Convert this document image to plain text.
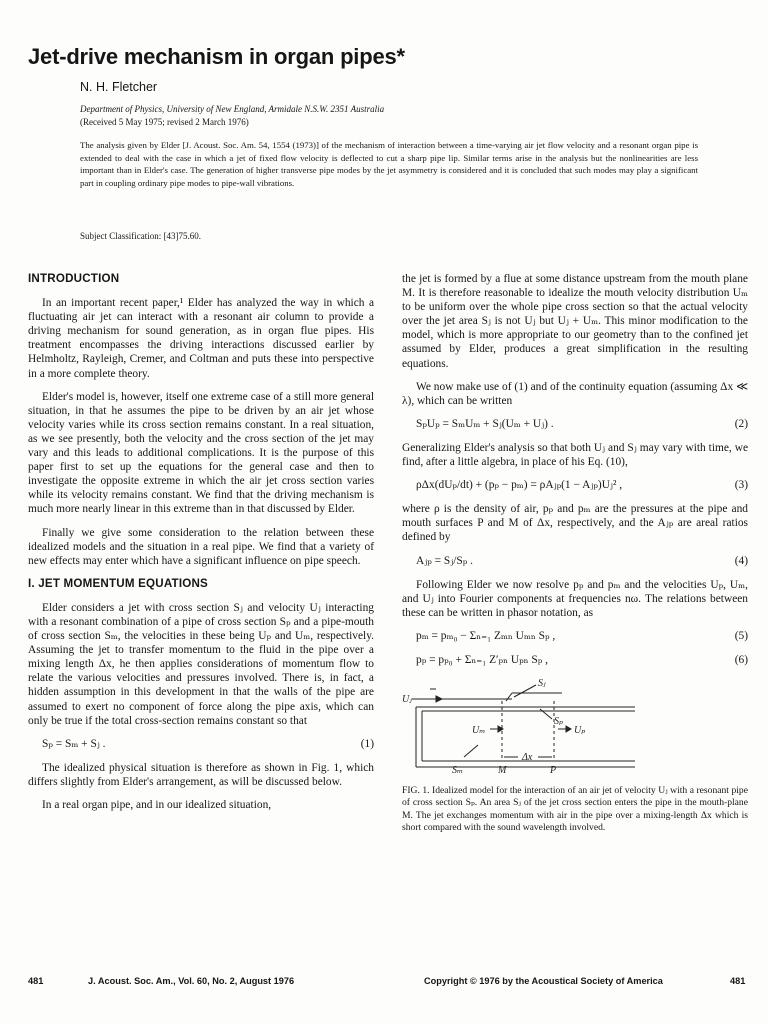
Jet-drive mechanism in organ pipes*

N. H. Fletcher

Department of Physics, University of New England, Armidale N.S.W. 2351 Australia

(Received 5 May 1975; revised 2 March 1976)

The analysis given by Elder [J. Acoust. Soc. Am. 54, 1554 (1973)] of the mechanism of interaction between a time-varying air jet flow velocity and a resonant organ pipe is extended to deal with the case in which a jet of fixed flow velocity is deflected to cut a sharp pipe lip. Similar terms arise in the analysis but the nonlinearities are less important than in Elder's case. The generation of higher transverse pipe modes by the jet asymmetry is considered and it is concluded that such modes may play a significant part in coupling ordinary pipe modes to pipe-wall vibrations.

Subject Classification: [43]75.60.

INTRODUCTION

In an important recent paper,¹ Elder has analyzed the way in which a fluctuating air jet can interact with a resonant air column to provide a driving mechanism for sound generation, as in organ flue pipes. His treatment encompasses the driving interactions discussed earlier by Helmholtz, Rayleigh, Cremer, and Coltman and puts these into perspective in a more complete theory.

Elder's model is, however, itself one extreme case of a still more general situation, in that he assumes the pipe to be driven by an air jet whose velocity varies while its cross section remains constant. In a real situation, as we see presently, both the velocity and the cross section of the jet may vary and this leads to additional complications. It is the purpose of this paper first to set up the equations for the general case and then to investigate the opposite extreme in which the air jet cross section varies while its velocity remains constant. We find that the driving mechanism is much more nearly linear in this extreme than in that discussed by Elder.

Finally we give some consideration to the relation between these idealized models and the situation in a real pipe. We find that a variety of new effects may enter which have a significant influence on pipe speech.

I. JET MOMENTUM EQUATIONS

Elder considers a jet with cross section Sⱼ and velocity Uⱼ interacting with a resonant combination of a pipe of cross section Sₚ and a pipe-mouth of cross section Sₘ, the velocities in these being Uₚ and Uₘ, respectively. Assuming the jet to transfer momentum to the fluid in the pipe over a mixing length Δx, he then applies considerations of momentum flow to relate the various velocities and pressures involved. There is, in fact, a hidden assumption in this development in that the walls of the pipe are assumed to exert no component of force along the pipe axis, which can only be true if the total cross-section remains constant so that

Sₚ = Sₘ + Sⱼ .	(1)

The idealized physical situation is therefore as shown in Fig. 1, which differs slightly from Elder's arrangement, as will be discussed below.

In a real organ pipe, and in our idealized situation,

the jet is formed by a flue at some distance upstream from the mouth plane M. It is therefore reasonable to idealize the mouth velocity distribution Uₘ to be uniform over the whole pipe cross section so that the actual velocity over the jet area Sⱼ is not Uⱼ but Uⱼ + Uₘ. This minor modification to the model, which is more appropriate to our geometry than to the confined jet assumed by Elder, produces a great simplification in the resulting equations.

We now make use of (1) and of the continuity equation (assuming Δx ≪ λ), which can be written

SₚUₚ = SₘUₘ + Sⱼ(Uₘ + Uⱼ) .	(2)

Generalizing Elder's analysis so that both Uⱼ and Sⱼ may vary with time, we find, after a little algebra, in place of his Eq. (10),

ρΔx(dUₚ/dt) + (pₚ − pₘ) = ρAⱼₚ(1 − Aⱼₚ)Uⱼ² ,	(3)

where ρ is the density of air, pₚ and pₘ are the pressures at the pipe and mouth surfaces P and M of Δx, respectively, and the Aⱼₚ are areal ratios defined by

Aⱼₚ = Sⱼ/Sₚ .	(4)

Following Elder we now resolve pₚ and pₘ and the velocities Uₚ, Uₘ, and Uⱼ into Fourier components at frequencies nω. The relations between these can be written in phasor notation, as

pₘ = pₘ₀ − Σₙ₌₁ Zₘₙ Uₘₙ Sₚ ,	(5)
pₚ = pₚ₀ + Σₙ₌₁ Z′ₚₙ Uₚₙ Sₚ ,	(6)
Uⱼ
Sⱼ
Sₚ
Uₘ	Uₚ
Sₘ	M
Δx
P

FIG. 1. Idealized model for the interaction of an air jet of velocity Uⱼ with a resonant pipe of cross section Sₚ. An area Sⱼ of the jet cross section enters the pipe in the mouth-plane M. The jet exchanges momentum with air in the pipe over a mixing-length Δx which is short compared with the sound wavelength involved.

481	J. Acoust. Soc. Am., Vol. 60, No. 2, August 1976	Copyright © 1976 by the Acoustical Society of America	481
